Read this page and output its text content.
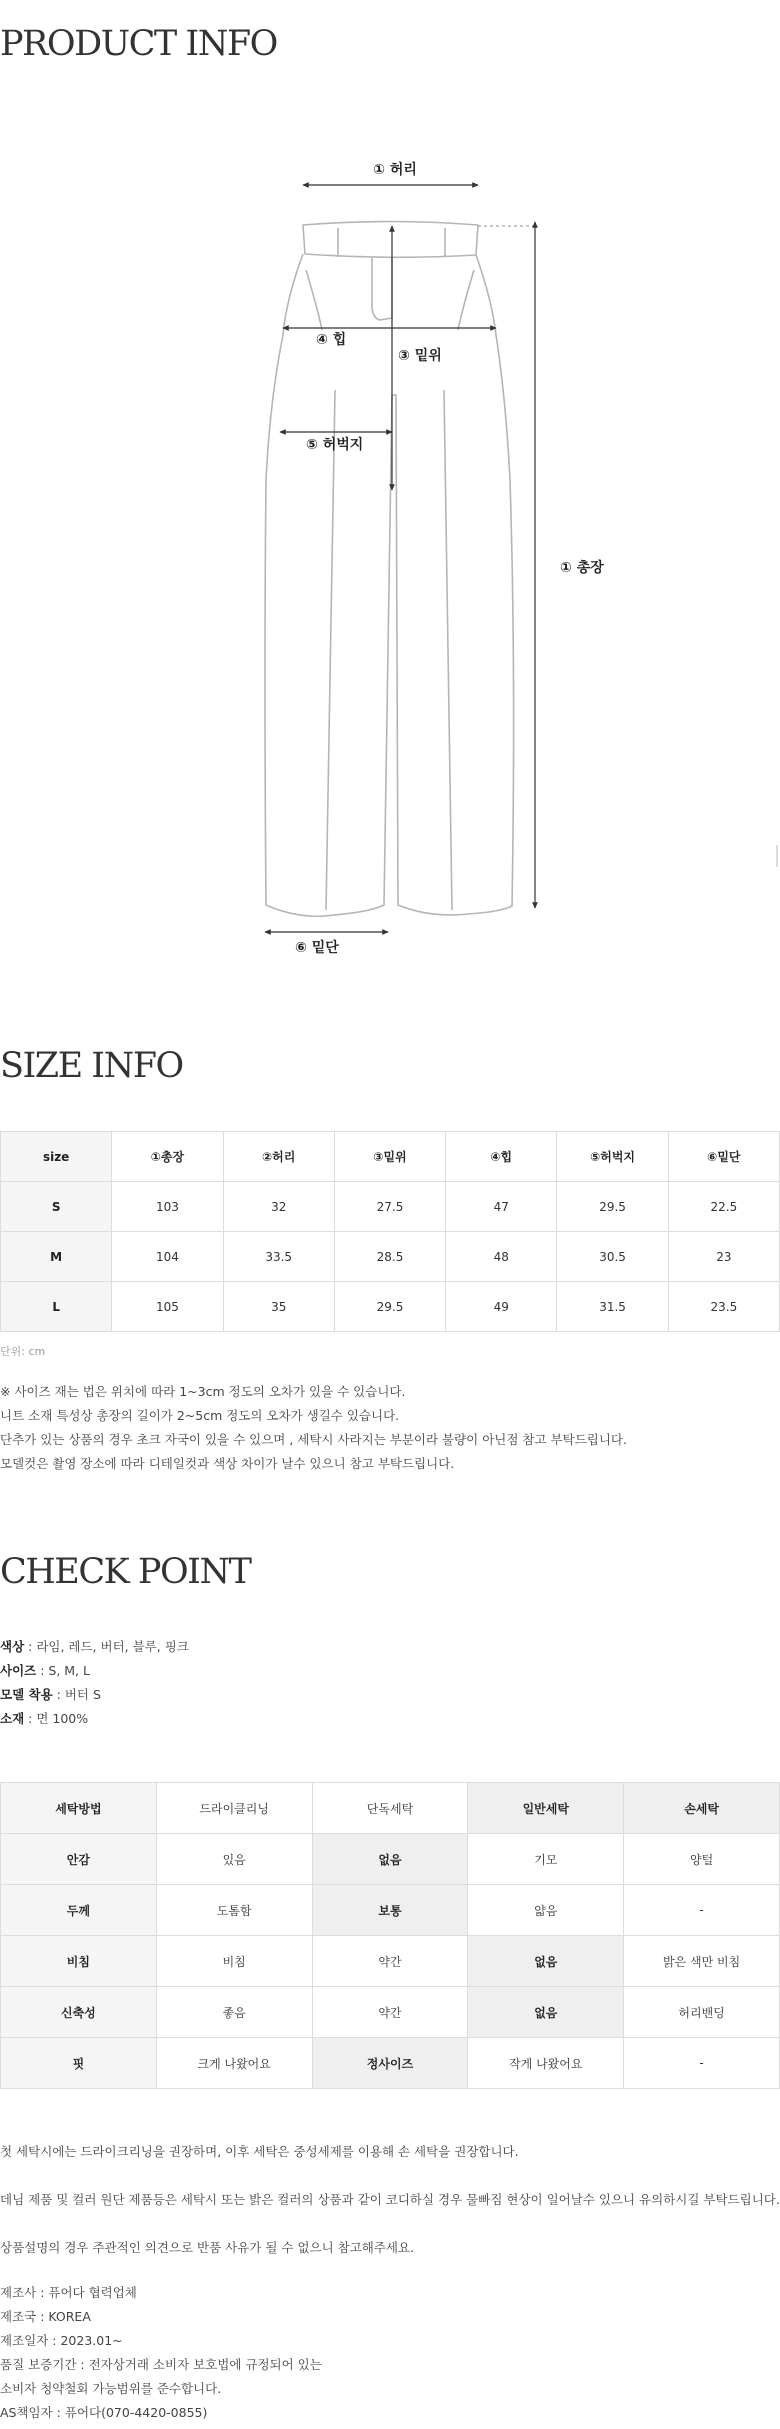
PRODUCT INFO
① 허리
① 총장
④ 힙
③ 밑위
⑤ 허벅지
⑥ 밑단
SIZE INFO
size	①총장	②허리	③밑위	④힙	⑤허벅지	⑥밑단
S	103	32	27.5	47	29.5	22.5
M	104	33.5	28.5	48	30.5	23
L	105	35	29.5	49	31.5	23.5
단위: cm
※ 사이즈 재는 법은 위치에 따라 1~3cm 정도의 오차가 있을 수 있습니다.
니트 소재 특성상 총장의 길이가 2~5cm 정도의 오차가 생길수 있습니다.
단추가 있는 상품의 경우 초크 자국이 있을 수 있으며 , 세탁시 사라지는 부분이라 불량이 아닌점 참고 부탁드립니다.
모델컷은 촬영 장소에 따라 디테일컷과 색상 차이가 날수 있으니 참고 부탁드립니다.
CHECK POINT
색상 : 라임, 레드, 버터, 블루, 핑크
사이즈 : S, M, L
모델 착용 : 버터 S
소재 : 면 100%
세탁방법	드라이클리닝	단독세탁	일반세탁	손세탁
안감	있음	없음	기모	양털
두께	도톰함	보통	얇음	-
비침	비침	약간	없음	밝은 색만 비침
신축성	좋음	약간	없음	허리밴딩
핏	크게 나왔어요	정사이즈	작게 나왔어요	-
첫 세탁시에는 드라이크리닝을 권장하며, 이후 세탁은 중성세제를 이용해 손 세탁을 권장합니다.
데님 제품 및 컬러 원단 제품등은 세탁시 또는 밝은 컬러의 상품과 같이 코디하실 경우 물빠짐 현상이 일어날수 있으니 유의하시길 부탁드립니다.
상품설명의 경우 주관적인 의견으로 반품 사유가 될 수 없으니 참고해주세요.
제조사 : 퓨어다 협력업체
제조국 : KOREA
제조일자 : 2023.01~
품질 보증기간 : 전자상거래 소비자 보호법에 규정되어 있는
소비자 청약철회 가능범위를 준수합니다.
AS책임자 : 퓨어다(070-4420-0855)
